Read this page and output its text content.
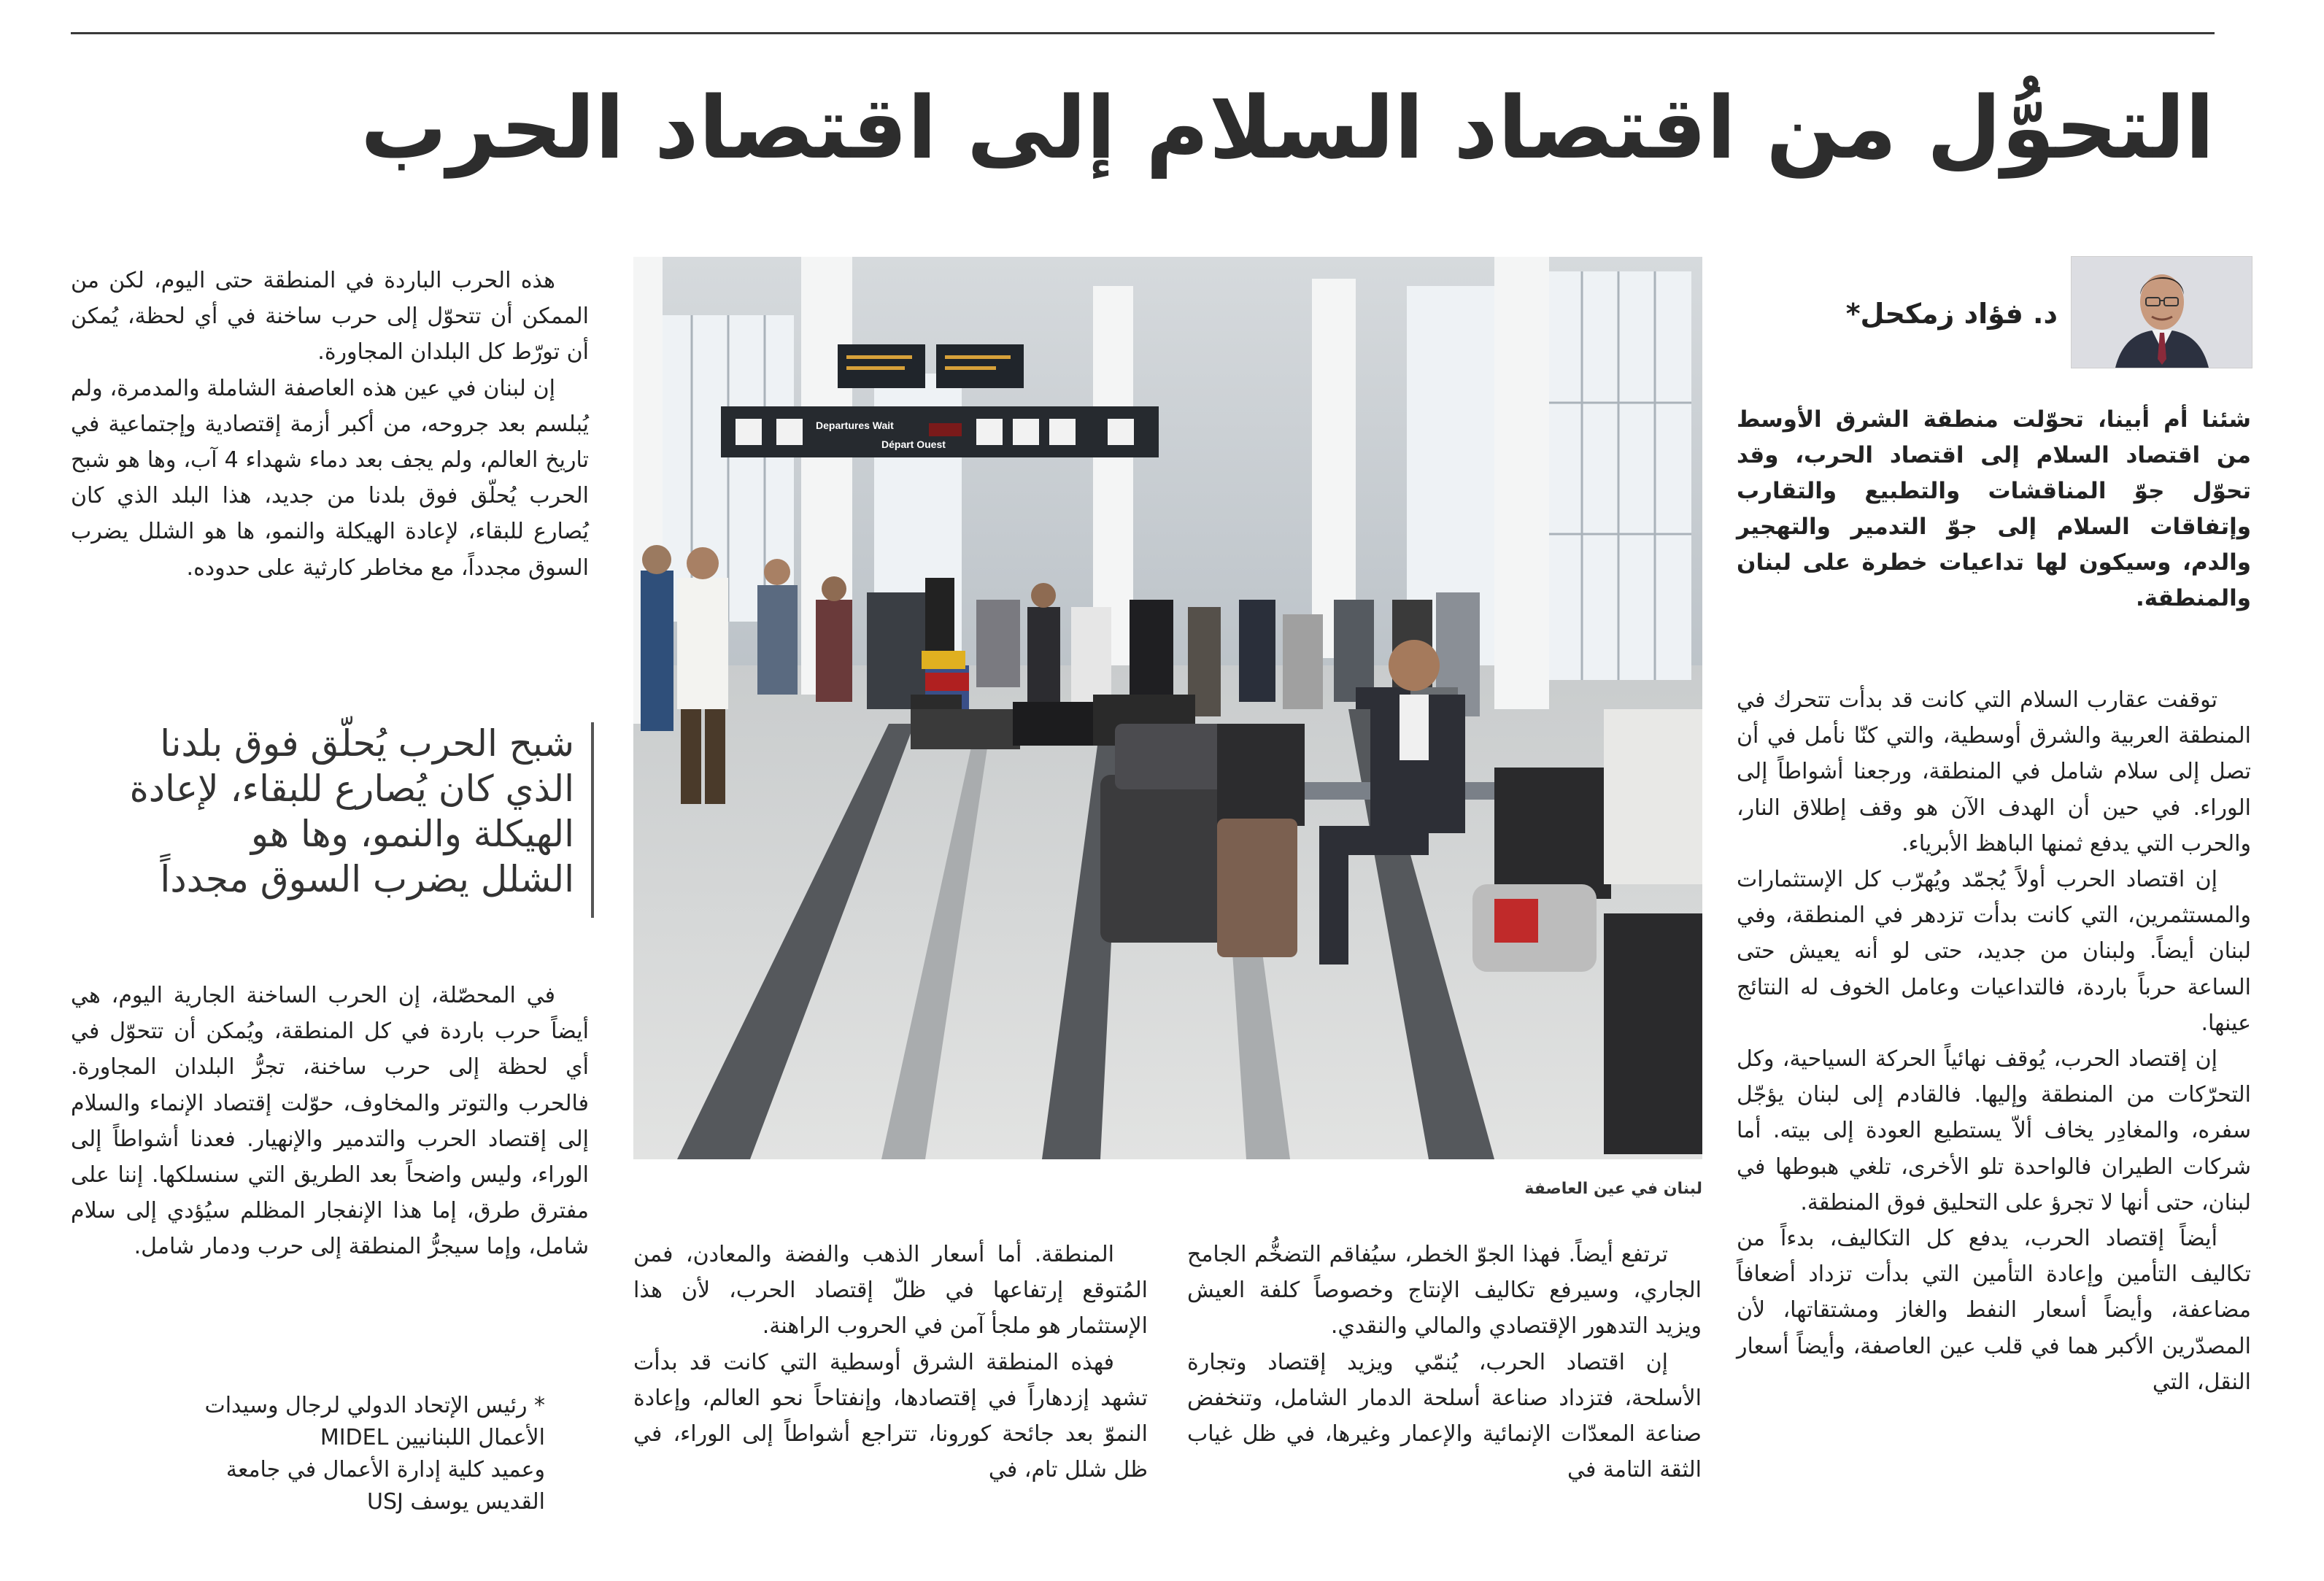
التحوُّل من اقتصاد السلام إلى اقتصاد الحرب
د. فؤاد زمكحل*
شئنا أم أبينا، تحوّلت منطقة الشرق الأوسط من اقتصاد السلام إلى اقتصاد الحرب، وقد تحوّل جوّ المناقشات والتطبيع والتقارب وإتفاقات السلام إلى جوّ التدمير والتهجير والدم، وسيكون لها تداعيات خطرة على لبنان والمنطقة.

توقفت عقارب السلام التي كانت قد بدأت تتحرك في المنطقة العربية والشرق أوسطية، والتي كنّا نأمل في أن تصل إلى سلام شامل في المنطقة، ورجعنا أشواطاً إلى الوراء. في حين أن الهدف الآن هو وقف إطلاق النار، والحرب التي يدفع ثمنها الباهظ الأبرياء.

إن اقتصاد الحرب أولاً يُجمّد ويُهرّب كل الإستثمارات والمستثمرين، التي كانت بدأت تزدهر في المنطقة، وفي لبنان أيضاً. ولبنان من جديد، حتى لو أنه يعيش حتى الساعة حرباً باردة، فالتداعيات وعامل الخوف له النتائج عينها.

إن إقتصاد الحرب، يُوقف نهائياً الحركة السياحية، وكل التحرّكات من المنطقة وإليها. فالقادم إلى لبنان يؤجّل سفره، والمغادِر يخاف ألاّ يستطيع العودة إلى بيته. أما شركات الطيران فالواحدة تلو الأخرى، تلغي هبوطها في لبنان، حتى أنها لا تجرؤ على التحليق فوق المنطقة.

أيضاً إقتصاد الحرب، يدفع كل التكاليف، بدءاً من تكاليف التأمين وإعادة التأمين التي بدأت تزداد أضعافاً مضاعفة، وأيضاً أسعار النفط والغاز ومشتقاتها، لأن المصدّرين الأكبر هما في قلب عين العاصفة، وأيضاً أسعار النقل، التي

Departures Wait
Départ Ouest
لبنان في عين العاصفة

ترتفع أيضاً. فهذا الجوّ الخطر، سيُفاقم التضخُّم الجامح الجاري، وسيرفع تكاليف الإنتاج وخصوصاً كلفة العيش ويزيد التدهور الإقتصادي والمالي والنقدي.

إن اقتصاد الحرب، يُنمّي ويزيد إقتصاد وتجارة الأسلحة، فتزداد صناعة أسلحة الدمار الشامل، وتنخفض صناعة المعدّات الإنمائية والإعمار وغيرها، في ظل غياب الثقة التامة في

المنطقة. أما أسعار الذهب والفضة والمعادن، فمن المُتوقع إرتفاعها في ظلّ إقتصاد الحرب، لأن هذا الإستثمار هو ملجأ آمن في الحروب الراهنة.

فهذه المنطقة الشرق أوسطية التي كانت قد بدأت تشهد إزدهاراً في إقتصادها، وإنفتاحاً نحو العالم، وإعادة النموّ بعد جائحة كورونا، تتراجع أشواطاً إلى الوراء، في ظل شلل تام، في

هذه الحرب الباردة في المنطقة حتى اليوم، لكن من الممكن أن تتحوّل إلى حرب ساخنة في أي لحظة، يُمكن أن تورّط كل البلدان المجاورة.

إن لبنان في عين هذه العاصفة الشاملة والمدمرة، ولم يُبلسم بعد جروحه، من أكبر أزمة إقتصادية وإجتماعية في تاريخ العالم، ولم يجف بعد دماء شهداء 4 آب، وها هو شبح الحرب يُحلّق فوق بلدنا من جديد، هذا البلد الذي كان يُصارع للبقاء، لإعادة الهيكلة والنمو، ها هو الشلل يضرب السوق مجدداً، مع مخاطر كارثية على حدوده.

شبح الحرب يُحلّق فوق بلدنا
الذي كان يُصارع للبقاء، لإعادة
الهيكلة والنمو، وها هو
الشلل يضرب السوق مجدداً

في المحصّلة، إن الحرب الساخنة الجارية اليوم، هي أيضاً حرب باردة في كل المنطقة، ويُمكن أن تتحوّل في أي لحظة إلى حرب ساخنة، تجرُّ البلدان المجاورة. فالحرب والتوتر والمخاوف، حوّلت إقتصاد الإنماء والسلام إلى إقتصاد الحرب والتدمير والإنهيار. فعدنا أشواطاً إلى الوراء، وليس واضحاً بعد الطريق التي سنسلكها. إننا على مفترق طرق، إما هذا الإنفجار المظلم سيُؤدي إلى سلام شامل، وإما سيجرُّ المنطقة إلى حرب ودمار شامل.

* رئيس الإتحاد الدولي لرجال وسيدات

الأعمال اللبنانيين MIDEL

وعميد كلية إدارة الأعمال في جامعة

القديس يوسف USJ
